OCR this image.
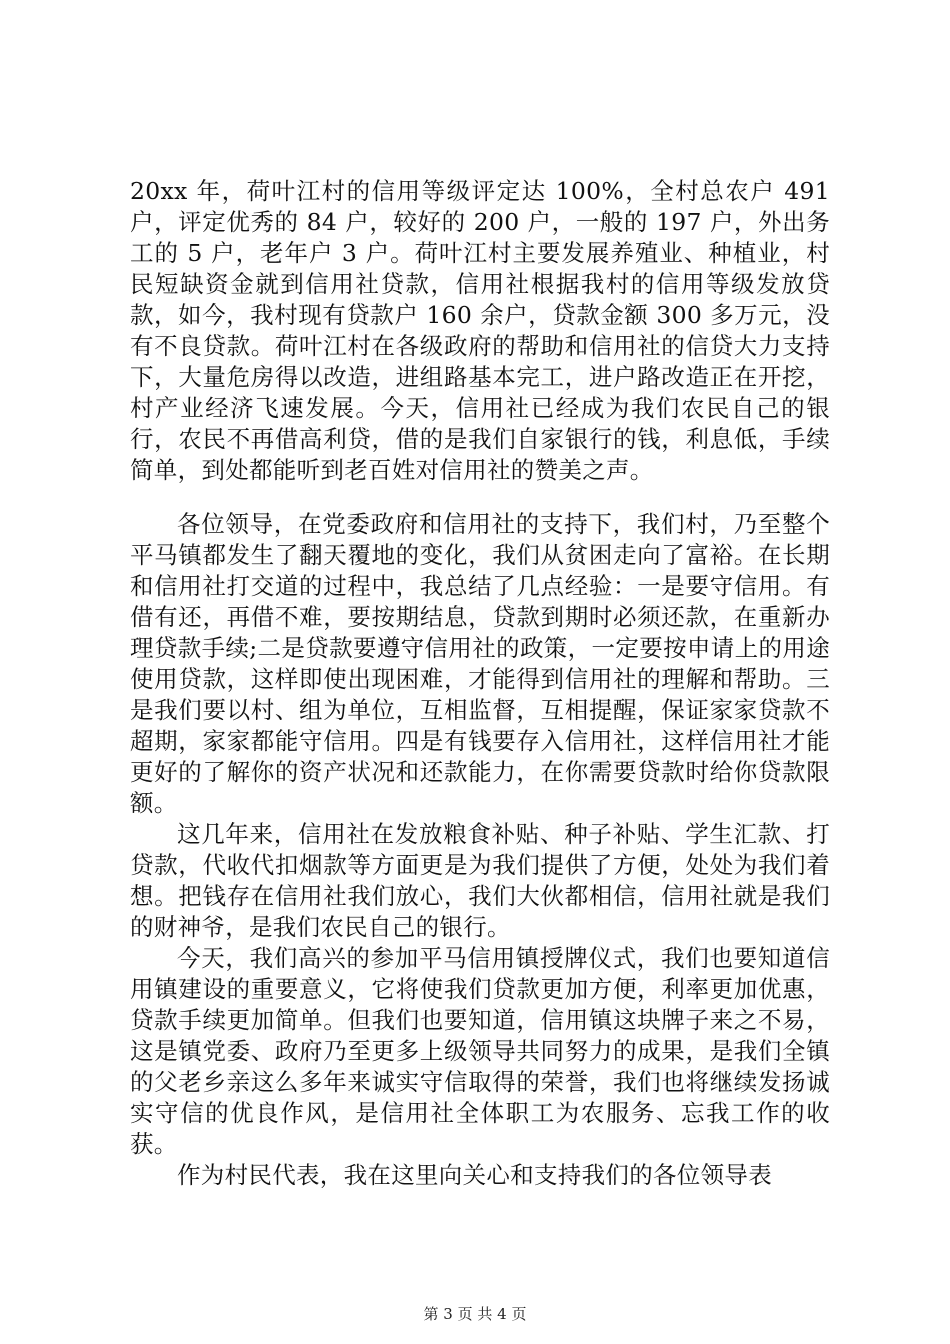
20xx 年，荷叶江村的信用等级评定达 100%，全村总农户 491 户，评定优秀的 84 户，较好的 200 户，一般的 197 户，外出务工的 5 户，老年户 3 户。荷叶江村主要发展养殖业、种植业，村民短缺资金就到信用社贷款，信用社根据我村的信用等级发放贷款，如今，我村现有贷款户 160 余户，贷款金额 300 多万元，没有不良贷款。荷叶江村在各级政府的帮助和信用社的信贷大力支持下，大量危房得以改造，进组路基本完工，进户路改造正在开挖，村产业经济飞速发展。今天，信用社已经成为我们农民自己的银行，农民不再借高利贷，借的是我们自家银行的钱，利息低，手续简单，到处都能听到老百姓对信用社的赞美之声。

各位领导，在党委政府和信用社的支持下，我们村，乃至整个平马镇都发生了翻天覆地的变化，我们从贫困走向了富裕。在长期和信用社打交道的过程中，我总结了几点经验：一是要守信用。有借有还，再借不难，要按期结息，贷款到期时必须还款，在重新办理贷款手续;二是贷款要遵守信用社的政策，一定要按申请上的用途使用贷款，这样即使出现困难，才能得到信用社的理解和帮助。三是我们要以村、组为单位，互相监督，互相提醒，保证家家贷款不超期，家家都能守信用。四是有钱要存入信用社，这样信用社才能更好的了解你的资产状况和还款能力，在你需要贷款时给你贷款限额。

这几年来，信用社在发放粮食补贴、种子补贴、学生汇款、打贷款，代收代扣烟款等方面更是为我们提供了方便，处处为我们着想。把钱存在信用社我们放心，我们大伙都相信，信用社就是我们的财神爷，是我们农民自己的银行。

今天，我们高兴的参加平马信用镇授牌仪式，我们也要知道信用镇建设的重要意义，它将使我们贷款更加方便，利率更加优惠，贷款手续更加简单。但我们也要知道，信用镇这块牌子来之不易，这是镇党委、政府乃至更多上级领导共同努力的成果，是我们全镇的父老乡亲这么多年来诚实守信取得的荣誉，我们也将继续发扬诚实守信的优良作风，是信用社全体职工为农服务、忘我工作的收获。

作为村民代表，我在这里向关心和支持我们的各位领导表

第 3 页 共 4 页
